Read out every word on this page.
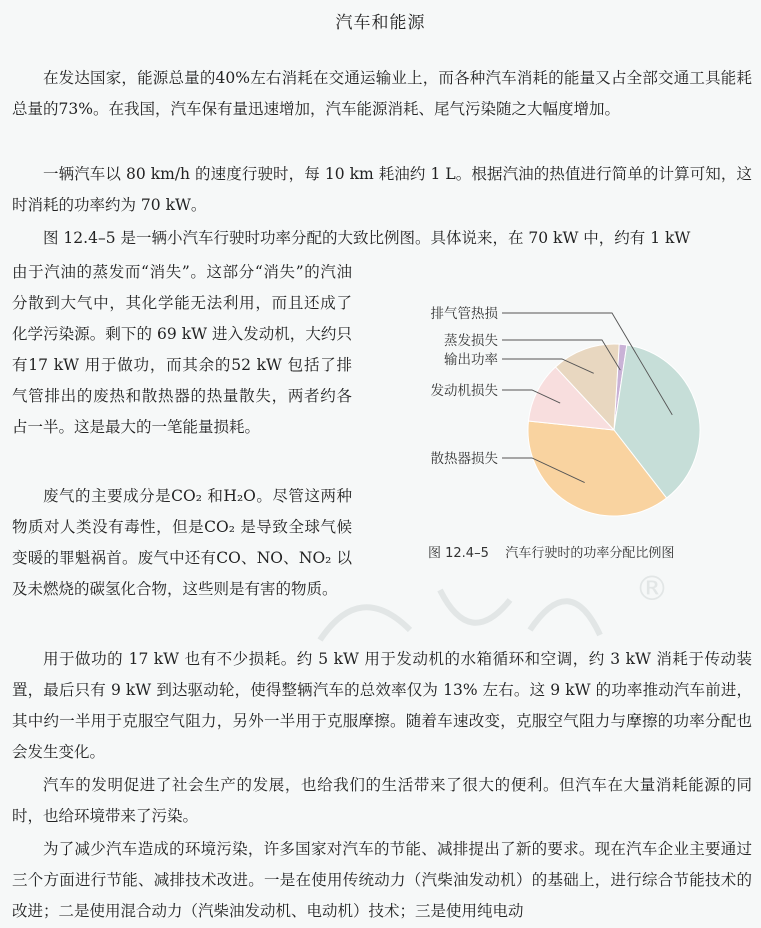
汽车和能源

在发达国家，能源总量的40%左右消耗在交通运输业上，而各种汽车消耗的能量又占全部交通工具能耗总量的73%。在我国，汽车保有量迅速增加，汽车能源消耗、尾气污染随之大幅度增加。

一辆汽车以 80 km/h 的速度行驶时，每 10 km 耗油约 1 L。根据汽油的热值进行简单的计算可知，这时消耗的功率约为 70 kW。

图 12.4–5 是一辆小汽车行驶时功率分配的大致比例图。具体说来，在 70 kW 中，约有 1 kW

由于汽油的蒸发而“消失”。这部分“消失”的汽油分散到大气中，其化学能无法利用，而且还成了化学污染源。剩下的 69 kW 进入发动机，大约只有17 kW 用于做功，而其余的52 kW 包括了排气管排出的废热和散热器的热量散失，两者约各占一半。这是最大的一笔能量损耗。

废气的主要成分是CO₂ 和H₂O。尽管这两种物质对人类没有毒性，但是CO₂ 是导致全球气候变暖的罪魁祸首。废气中还有CO、NO、NO₂ 以及未燃烧的碳氢化合物，这些则是有害的物质。

用于做功的 17 kW 也有不少损耗。约 5 kW 用于发动机的水箱循环和空调，约 3 kW 消耗于传动装置，最后只有 9 kW 到达驱动轮，使得整辆汽车的总效率仅为 13% 左右。这 9 kW 的功率推动汽车前进，其中约一半用于克服空气阻力，另外一半用于克服摩擦。随着车速改变，克服空气阻力与摩擦的功率分配也会发生变化。

汽车的发明促进了社会生产的发展，也给我们的生活带来了很大的便利。但汽车在大量消耗能源的同时，也给环境带来了污染。

为了减少汽车造成的环境污染，许多国家对汽车的节能、减排提出了新的要求。现在汽车企业主要通过三个方面进行节能、减排技术改进。一是在使用传统动力（汽柴油发动机）的基础上，进行综合节能技术的改进；二是使用混合动力（汽柴油发动机、电动机）技术；三是使用纯电动

排气管热损
蒸发损失
输出功率
发动机损失
散热器损失
图 12.4–5 汽车行驶时的功率分配比例图
®
